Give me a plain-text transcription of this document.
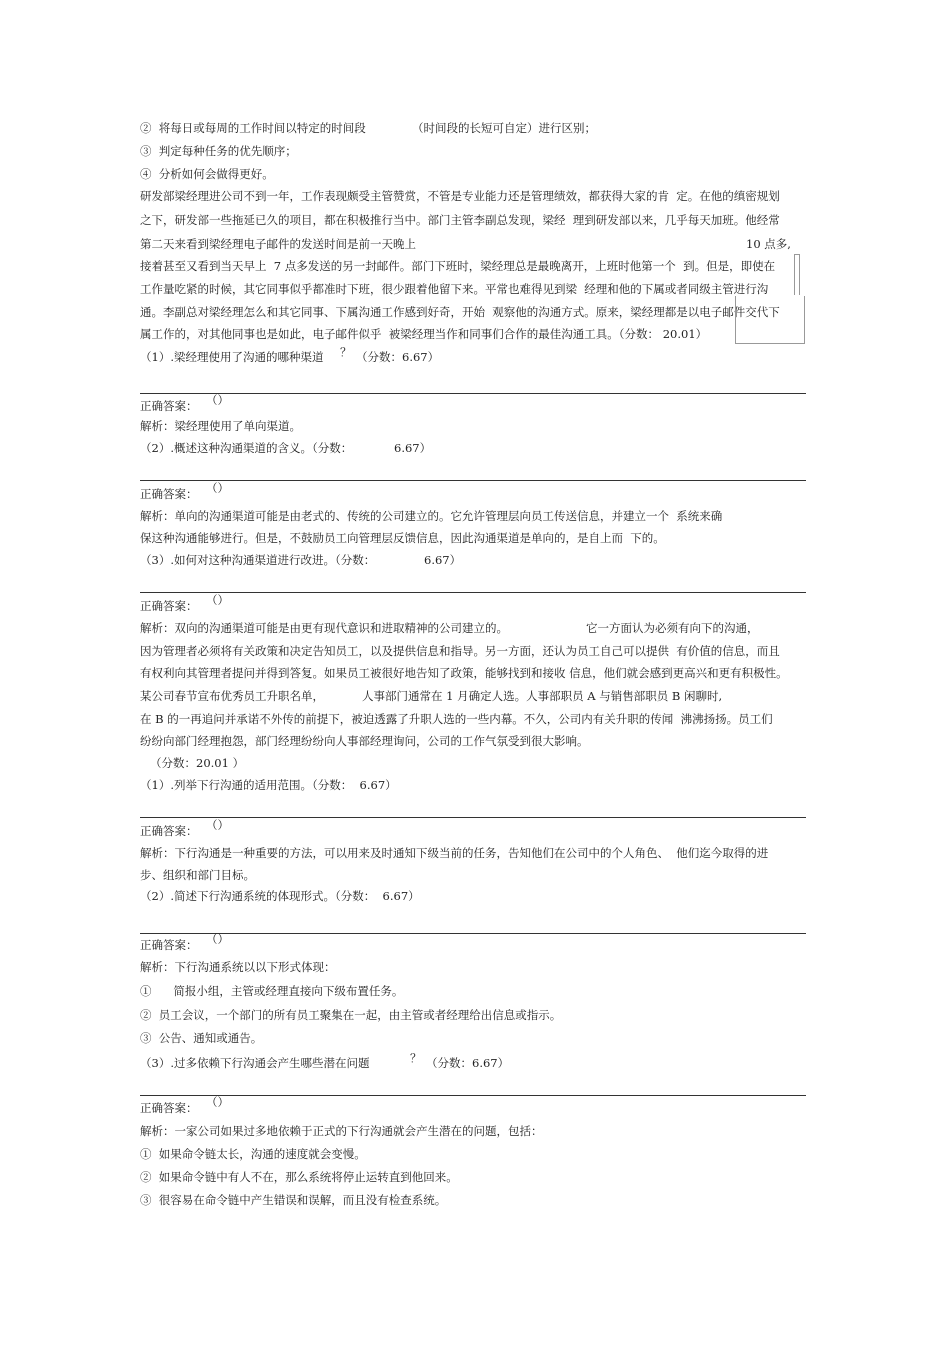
②  将每日或每周的工作时间以特定的时间段	（时间段的长短可自定）进行区别；
③  判定每种任务的优先顺序；
④  分析如何会做得更好。
研发部梁经理进公司不到一年，工作表现颇受主管赞赏，不管是专业能力还是管理绩效，都获得大家的肯  定。在他的缜密规划
之下，研发部一些拖延已久的项目，都在积极推行当中。部门主管李副总发现，梁经  理到研发部以来，几乎每天加班。他经常
第二天来看到梁经理电子邮件的发送时间是前一天晚上	10 点多,
接着甚至又看到当天早上  7 点多发送的另一封邮件。部门下班时，梁经理总是最晚离开，上班时他第一个  到。但是，即使在
工作量吃紧的时候，其它同事似乎都准时下班，很少跟着他留下来。平常也难得见到梁  经理和他的下属或者同级主管进行沟
通。李副总对梁经理怎么和其它同事、下属沟通工作感到好奇，开始  观察他的沟通方式。原来，梁经理都是以电子邮件交代下
属工作的，对其他同事也是如此，电子邮件似乎  被梁经理当作和同事们合作的最佳沟通工具。（分数： 20.01）
（1）.梁经理使用了沟通的哪种渠道 ？ （分数：6.67）
正确答案： （）
解析：梁经理使用了单向渠道。
（2）.概述这种沟通渠道的含义。（分数：	6.67）
正确答案： （）
解析：单向的沟通渠道可能是由老式的、传统的公司建立的。它允许管理层向员工传送信息，并建立一个  系统来确
保这种沟通能够进行。但是，不鼓励员工向管理层反馈信息，因此沟通渠道是单向的，是自上而  下的。
（3）.如何对这种沟通渠道进行改进。（分数：	6.67）
正确答案： （）
解析：双向的沟通渠道可能是由更有现代意识和进取精神的公司建立的。	它一方面认为必须有向下的沟通，
因为管理者必须将有关政策和决定告知员工，以及提供信息和指导。另一方面，还认为员工自己可以提供  有价值的信息，而且
有权利向其管理者提问并得到答复。如果员工被很好地告知了政策，能够找到和接收 信息，他们就会感到更高兴和更有积极性。
某公司春节宣布优秀员工升职名单，	人事部门通常在 1 月确定人选。人事部职员 A 与销售部职员 B 闲聊时,
在 B 的一再追问并承诺不外传的前提下，被迫透露了升职人选的一些内幕。不久，公司内有关升职的传闻  沸沸扬扬。员工们
纷纷向部门经理抱怨，部门经理纷纷向人事部经理询问，公司的工作气氛受到很大影响。
（分数：20.01 ）
（1）.列举下行沟通的适用范围。（分数：  6.67）
正确答案： （）
解析：下行沟通是一种重要的方法，可以用来及时通知下级当前的任务，告知他们在公司中的个人角色、  他们迄今取得的进
步、组织和部门目标。
（2）.简述下行沟通系统的体现形式。（分数：  6.67）
正确答案： （）
解析：下行沟通系统以以下形式体现：
①      简报小组，主管或经理直接向下级布置任务。
②  员工会议，一个部门的所有员工聚集在一起，由主管或者经理给出信息或指示。
③  公告、通知或通告。
（3）.过多依赖下行沟通会产生哪些潜在问题	？ （分数：6.67）
正确答案： （）
解析：一家公司如果过多地依赖于正式的下行沟通就会产生潜在的问题，包括：
①  如果命令链太长，沟通的速度就会变慢。
②  如果命令链中有人不在，那么系统将停止运转直到他回来。
③  很容易在命令链中产生错误和误解，而且没有检查系统。
